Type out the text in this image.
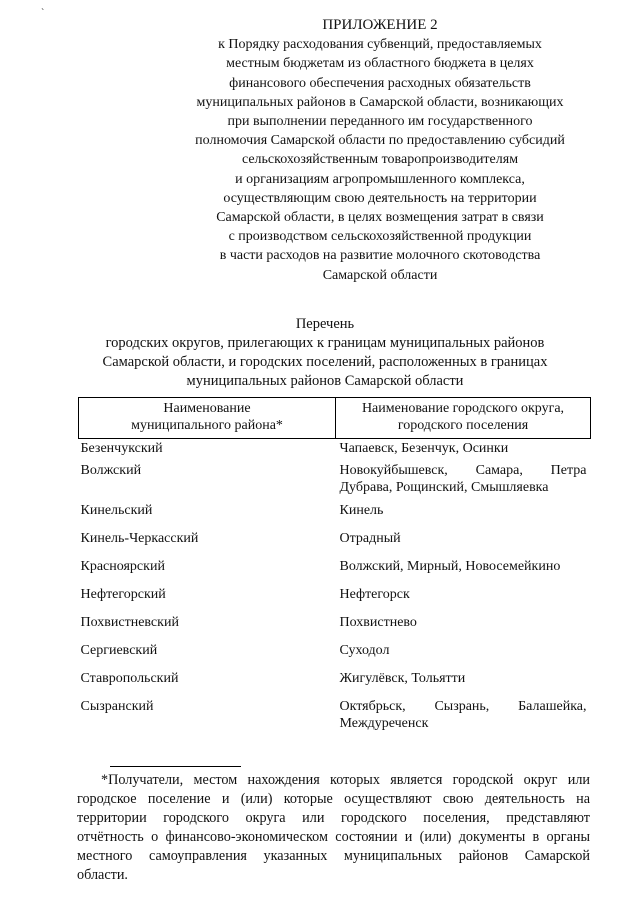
`
ПРИЛОЖЕНИЕ 2
к Порядку расходования субвенций, предоставляемых
местным бюджетам из областного бюджета в целях
финансового обеспечения расходных обязательств
муниципальных районов в Самарской области, возникающих
при выполнении переданного им государственного
полномочия Самарской области по предоставлению субсидий
сельскохозяйственным товаропроизводителям
и организациям агропромышленного комплекса,
осуществляющим свою деятельность на территории
Самарской области, в целях возмещения затрат в связи
с производством сельскохозяйственной продукции
в части расходов на развитие молочного скотоводства
Самарской области
Перечень
городских округов, прилегающих к границам муниципальных районов
Самарской области, и городских поселений, расположенных в границах
муниципальных районов Самарской области
Наименование
муниципального района*	Наименование городского округа,
городского поселения

Безенчукский	Чапаевск, Безенчук, Осинки
Волжский	Новокуйбышевск, Самара, Петра
Дубрава, Рощинский, Смышляевка

Кинельский	Кинель
Кинель-Черкасский	Отрадный
Красноярский	Волжский, Мирный, Новосемейкино
Нефтегорский	Нефтегорск
Похвистневский	Похвистнево
Сергиевский	Суходол
Ставропольский	Жигулёвск, Тольятти
Сызранский	Октябрьск, Сызрань, Балашейка,
Междуреченск
*Получатели, местом нахождения которых является городской округ или
городское поселение и (или) которые осуществляют свою деятельность на
территории городского округа или городского поселения, представляют
отчётность о финансово-экономическом состоянии и (или) документы в органы
местного самоуправления указанных муниципальных районов Самарской
области.
